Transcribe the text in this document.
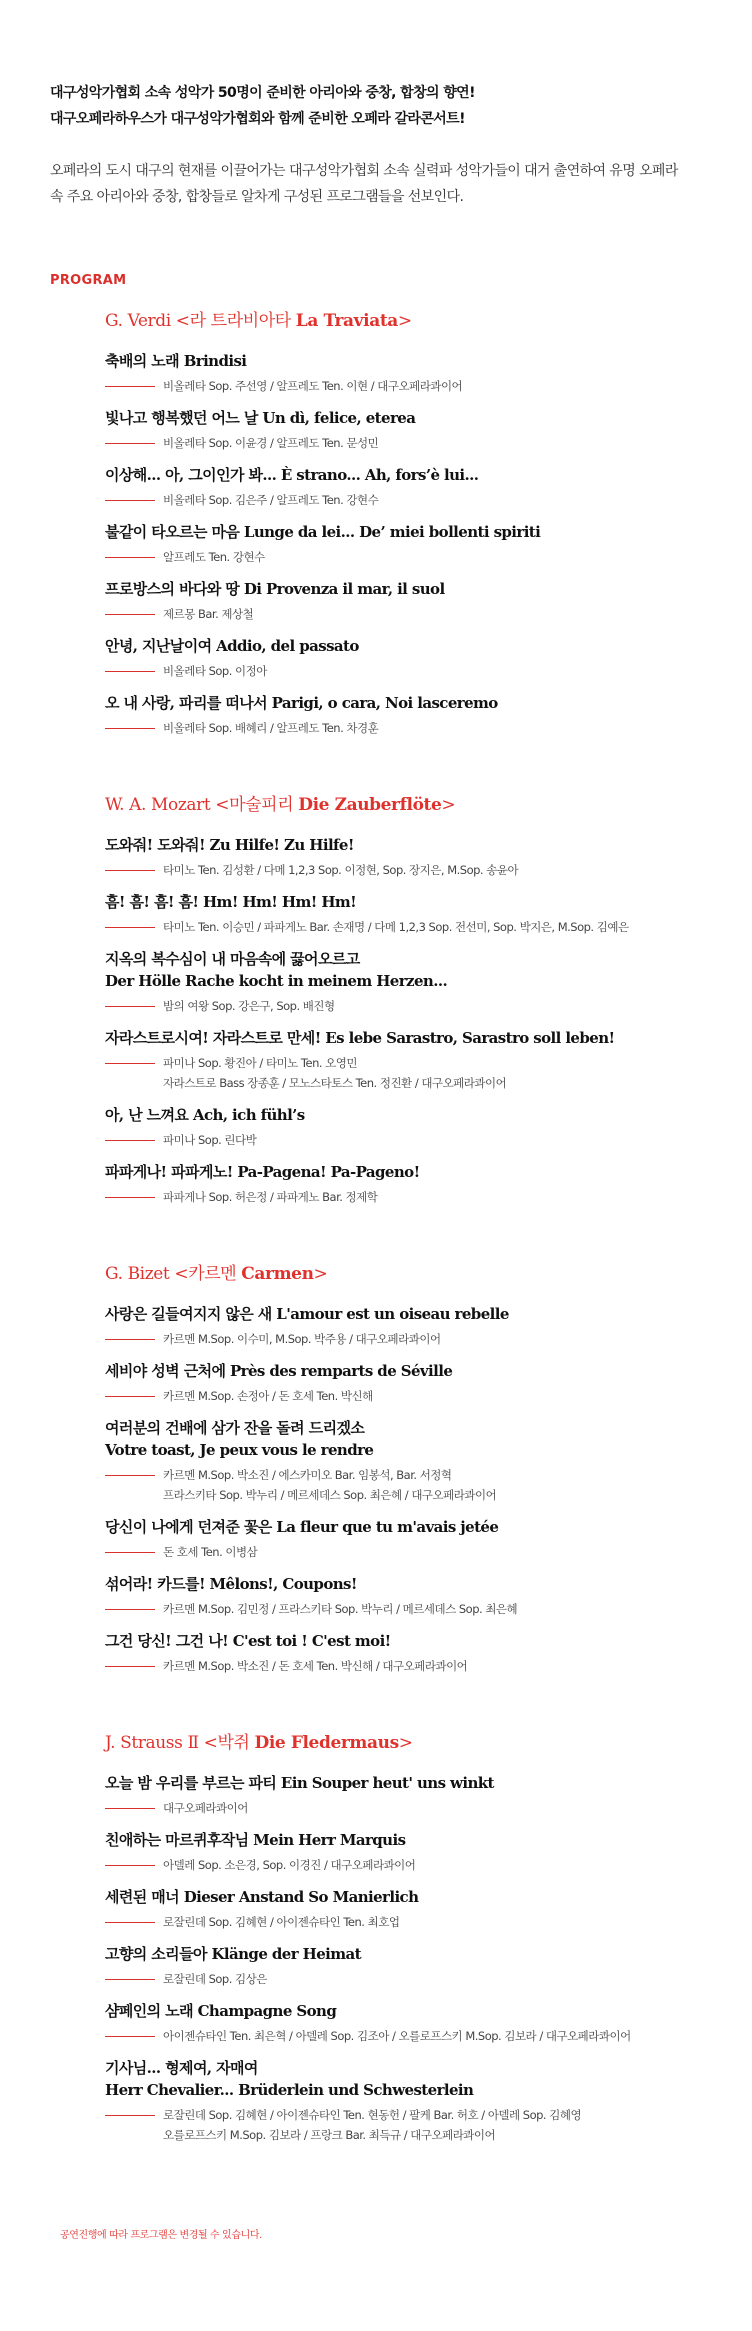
대구성악가협회 소속 성악가 50명이 준비한 아리아와 중창, 합창의 향연!

대구오페라하우스가 대구성악가협회와 함께 준비한 오페라 갈라콘서트!

오페라의 도시 대구의 현재를 이끌어가는 대구성악가협회 소속 실력파 성악가들이 대거 출연하여 유명 오페라

속 주요 아리아와 중창, 합창들로 알차게 구성된 프로그램들을 선보인다.

PROGRAM
G. Verdi <라 트라비아타 La Traviata>
축배의 노래 Brindisi
비올레타 Sop. 주선영 / 알프레도 Ten. 이현 / 대구오페라콰이어
빛나고 행복했던 어느 날 Un dì, felice, eterea
비올레타 Sop. 이윤경 / 알프레도 Ten. 문성민
이상해... 아, 그이인가 봐... È strano... Ah, fors’è lui...
비올레타 Sop. 김은주 / 알프레도 Ten. 강현수
불같이 타오르는 마음 Lunge da lei... De’ miei bollenti spiriti
알프레도 Ten. 강현수
프로방스의 바다와 땅 Di Provenza il mar, il suol
제르몽 Bar. 제상철
안녕, 지난날이여 Addio, del passato
비올레타 Sop. 이정아
오 내 사랑, 파리를 떠나서 Parigi, o cara, Noi lasceremo
비올레타 Sop. 배혜리 / 알프레도 Ten. 차경훈
W. A. Mozart <마술피리 Die Zauberflöte>
도와줘! 도와줘! Zu Hilfe! Zu Hilfe!
타미노 Ten. 김성환 / 다메 1,2,3 Sop. 이정현, Sop. 장지은, M.Sop. 송윤아
흠! 흠! 흠! 흠! Hm! Hm! Hm! Hm!
타미노 Ten. 이승민 / 파파게노 Bar. 손재명 / 다메 1,2,3 Sop. 전선미, Sop. 박지은, M.Sop. 김예은
지옥의 복수심이 내 마음속에 끓어오르고
Der Hölle Rache kocht in meinem Herzen...
밤의 여왕 Sop. 강은구, Sop. 배진형
자라스트로시여! 자라스트로 만세! Es lebe Sarastro, Sarastro soll leben!
파미나 Sop. 황진아 / 타미노 Ten. 오영민
자라스트로 Bass 장종훈 / 모노스타토스 Ten. 정진환 / 대구오페라콰이어
아, 난 느껴요 Ach, ich fühl’s
파미나 Sop. 린다박
파파게나! 파파게노! Pa-Pagena! Pa-Pageno!
파파게나 Sop. 허은정 / 파파게노 Bar. 정제학
G. Bizet <카르멘 Carmen>
사랑은 길들여지지 않은 새 L'amour est un oiseau rebelle
카르멘 M.Sop. 이수미, M.Sop. 박주용 / 대구오페라콰이어
세비야 성벽 근처에 Près des remparts de Séville
카르멘 M.Sop. 손정아 / 돈 호세 Ten. 박신해
여러분의 건배에 삼가 잔을 돌려 드리겠소
Votre toast, Je peux vous le rendre
카르멘 M.Sop. 박소진 / 에스카미오 Bar. 임봉석, Bar. 서정혁
프라스키타 Sop. 박누리 / 메르세데스 Sop. 최은혜 / 대구오페라콰이어
당신이 나에게 던져준 꽃은 La fleur que tu m'avais jetée
돈 호세 Ten. 이병삼
섞어라! 카드를! Mêlons!, Coupons!
카르멘 M.Sop. 김민정 / 프라스키타 Sop. 박누리 / 메르세데스 Sop. 최은혜
그건 당신! 그건 나! C'est toi ! C'est moi!
카르멘 M.Sop. 박소진 / 돈 호세 Ten. 박신해 / 대구오페라콰이어
J. Strauss Ⅱ <박쥐 Die Fledermaus>
오늘 밤 우리를 부르는 파티 Ein Souper heut' uns winkt
대구오페라콰이어
친애하는 마르퀴후작님 Mein Herr Marquis
아델레 Sop. 소은경, Sop. 이경진 / 대구오페라콰이어
세련된 매너 Dieser Anstand So Manierlich
로잘린데 Sop. 김혜현 / 아이젠슈타인 Ten. 최호업
고향의 소리들아 Klänge der Heimat
로잘린데 Sop. 김상은
샴페인의 노래 Champagne Song
아이젠슈타인 Ten. 최은혁 / 아델레 Sop. 김조아 / 오를로프스키 M.Sop. 김보라 / 대구오페라콰이어
기사님... 형제여, 자매여
Herr Chevalier... Brüderlein und Schwesterlein
로잘린데 Sop. 김혜현 / 아이젠슈타인 Ten. 현동헌 / 팔케 Bar. 허호 / 아델레 Sop. 김혜영
오를로프스키 M.Sop. 김보라 / 프랑크 Bar. 최득규 / 대구오페라콰이어
공연진행에 따라 프로그램은 변경될 수 있습니다.
